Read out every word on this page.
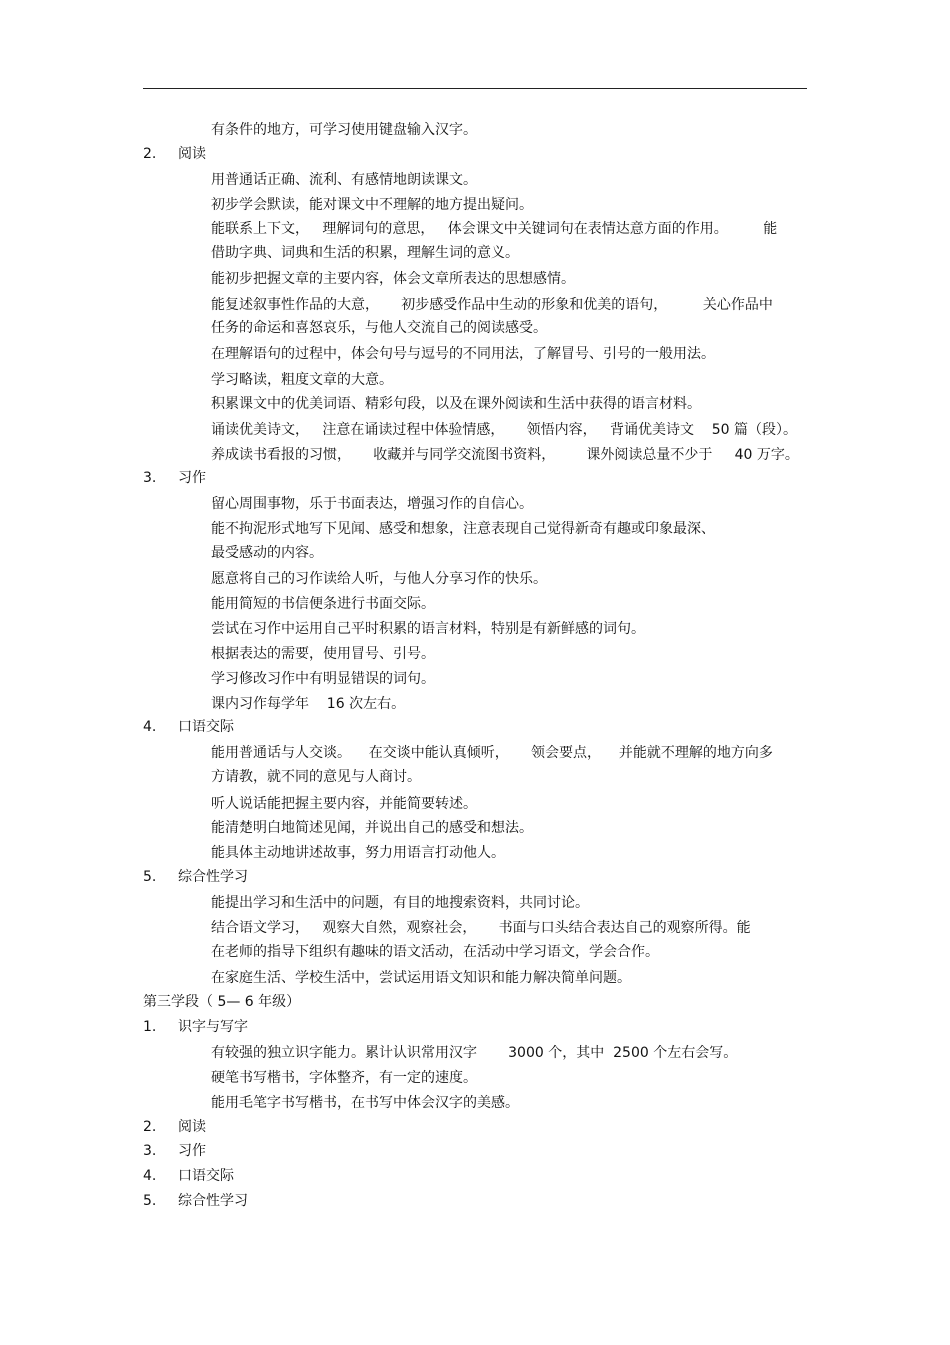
有条件的地方，可学习使用键盘输入汉字。
2. 阅读
用普通话正确、流利、有感情地朗读课文。
初步学会默读，能对课文中不理解的地方提出疑问。
能联系上下文，   理解词句的意思，   体会课文中关键词句在表情达意方面的作用。        能
借助字典、词典和生活的积累，理解生词的意义。
能初步把握文章的主要内容，体会文章所表达的思想感情。
能复述叙事性作品的大意，     初步感受作品中生动的形象和优美的语句，        关心作品中
任务的命运和喜怒哀乐，与他人交流自己的阅读感受。
在理解语句的过程中，体会句号与逗号的不同用法，了解冒号、引号的一般用法。
学习略读，粗度文章的大意。
积累课文中的优美词语、精彩句段，以及在课外阅读和生活中获得的语言材料。
诵读优美诗文，   注意在诵读过程中体验情感，     领悟内容，   背诵优美诗文    50 篇（段）。
养成读书看报的习惯，     收藏并与同学交流图书资料，       课外阅读总量不少于     40 万字。
3. 习作
留心周围事物，乐于书面表达，增强习作的自信心。
能不拘泥形式地写下见闻、感受和想象，注意表现自己觉得新奇有趣或印象最深、
最受感动的内容。
愿意将自己的习作读给人听，与他人分享习作的快乐。
能用简短的书信便条进行书面交际。
尝试在习作中运用自己平时积累的语言材料，特别是有新鲜感的词句。
根据表达的需要，使用冒号、引号。
学习修改习作中有明显错误的词句。
课内习作每学年    16 次左右。
4. 口语交际
能用普通话与人交谈。    在交谈中能认真倾听，     领会要点，    并能就不理解的地方向多
方请教，就不同的意见与人商讨。
听人说话能把握主要内容，并能简要转述。
能清楚明白地简述见闻，并说出自己的感受和想法。
能具体主动地讲述故事，努力用语言打动他人。
5. 综合性学习
能提出学习和生活中的问题，有目的地搜索资料，共同讨论。
结合语文学习，   观察大自然，观察社会，     书面与口头结合表达自己的观察所得。能
在老师的指导下组织有趣味的语文活动，在活动中学习语文，学会合作。
在家庭生活、学校生活中，尝试运用语文知识和能力解决简单问题。
第三学段（ 5— 6 年级）
1. 识字与写字
有较强的独立识字能力。累计认识常用汉字       3000 个，其中  2500 个左右会写。
硬笔书写楷书，字体整齐，有一定的速度。
能用毛笔字书写楷书，在书写中体会汉字的美感。
2. 阅读
3. 习作
4. 口语交际
5. 综合性学习
